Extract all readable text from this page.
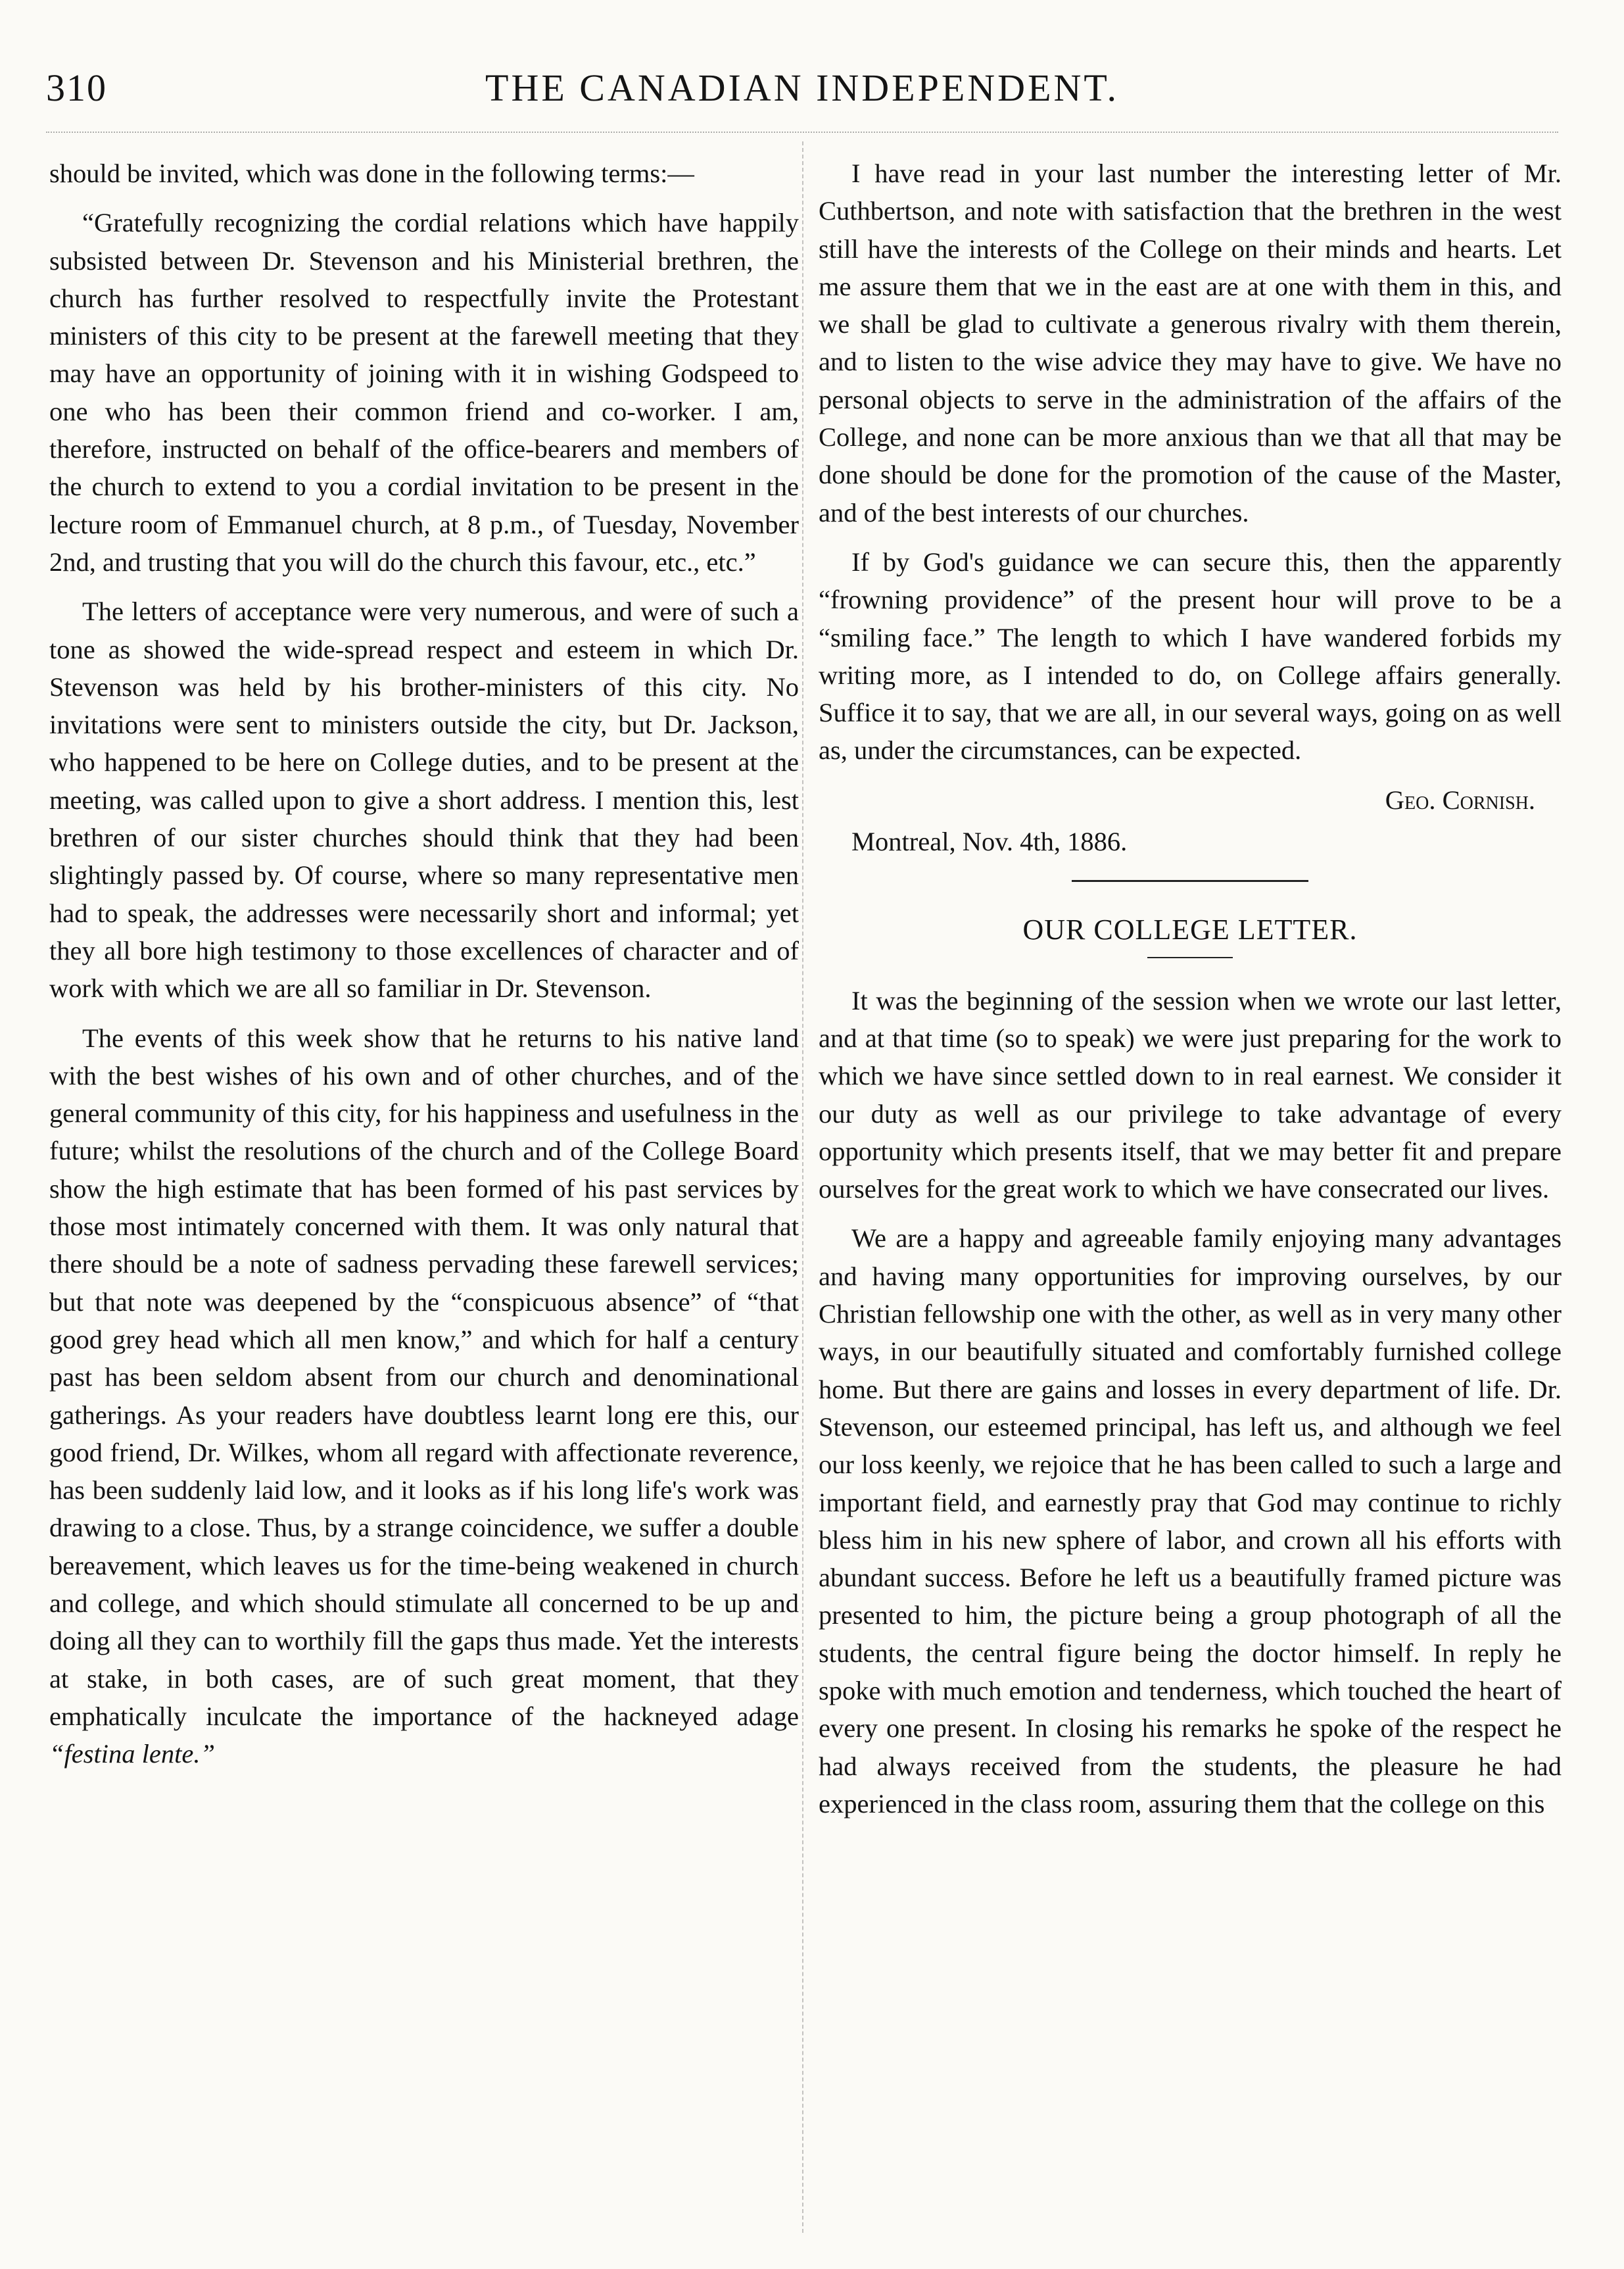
310	THE CANADIAN INDEPENDENT.

should be invited, which was done in the following terms:—

“Gratefully recognizing the cordial relations which have happily subsisted between Dr. Stevenson and his Ministerial brethren, the church has further resolved to respectfully invite the Protestant ministers of this city to be present at the farewell meeting that they may have an opportunity of joining with it in wishing Godspeed to one who has been their common friend and co-worker. I am, therefore, instructed on behalf of the office-bearers and members of the church to extend to you a cordial invitation to be present in the lecture room of Emmanuel church, at 8 p.m., of Tuesday, November 2nd, and trusting that you will do the church this favour, etc., etc.”

The letters of acceptance were very numerous, and were of such a tone as showed the wide-spread respect and esteem in which Dr. Stevenson was held by his brother-ministers of this city. No invitations were sent to ministers outside the city, but Dr. Jackson, who happened to be here on College duties, and to be present at the meeting, was called upon to give a short address. I mention this, lest brethren of our sister churches should think that they had been slightingly passed by. Of course, where so many representative men had to speak, the addresses were necessarily short and informal; yet they all bore high testimony to those excellences of character and of work with which we are all so familiar in Dr. Stevenson.

The events of this week show that he returns to his native land with the best wishes of his own and of other churches, and of the general community of this city, for his happiness and usefulness in the future; whilst the resolutions of the church and of the College Board show the high estimate that has been formed of his past services by those most intimately concerned with them. It was only natural that there should be a note of sadness pervading these farewell services; but that note was deepened by the “conspicuous absence” of “that good grey head which all men know,” and which for half a century past has been seldom absent from our church and denominational gatherings. As your readers have doubtless learnt long ere this, our good friend, Dr. Wilkes, whom all regard with affectionate reverence, has been suddenly laid low, and it looks as if his long life's work was drawing to a close. Thus, by a strange coincidence, we suffer a double bereavement, which leaves us for the time-being weakened in church and college, and which should stimulate all concerned to be up and doing all they can to worthily fill the gaps thus made. Yet the interests at stake, in both cases, are of such great moment, that they emphatically inculcate the importance of the hackneyed adage “festina lente.”

I have read in your last number the interesting letter of Mr. Cuthbertson, and note with satisfaction that the brethren in the west still have the interests of the College on their minds and hearts. Let me assure them that we in the east are at one with them in this, and we shall be glad to cultivate a generous rivalry with them therein, and to listen to the wise advice they may have to give. We have no personal objects to serve in the administration of the affairs of the College, and none can be more anxious than we that all that may be done should be done for the promotion of the cause of the Master, and of the best interests of our churches.

If by God's guidance we can secure this, then the apparently “frowning providence” of the present hour will prove to be a “smiling face.” The length to which I have wandered forbids my writing more, as I intended to do, on College affairs generally. Suffice it to say, that we are all, in our several ways, going on as well as, under the circumstances, can be expected.

Geo. Cornish.

Montreal, Nov. 4th, 1886.

OUR COLLEGE LETTER.

It was the beginning of the session when we wrote our last letter, and at that time (so to speak) we were just preparing for the work to which we have since settled down to in real earnest. We consider it our duty as well as our privilege to take advantage of every opportunity which presents itself, that we may better fit and prepare ourselves for the great work to which we have consecrated our lives.

We are a happy and agreeable family enjoying many advantages and having many opportunities for improving ourselves, by our Christian fellowship one with the other, as well as in very many other ways, in our beautifully situated and comfortably furnished college home. But there are gains and losses in every department of life. Dr. Stevenson, our esteemed principal, has left us, and although we feel our loss keenly, we rejoice that he has been called to such a large and important field, and earnestly pray that God may continue to richly bless him in his new sphere of labor, and crown all his efforts with abundant success. Before he left us a beautifully framed picture was presented to him, the picture being a group photograph of all the students, the central figure being the doctor himself. In reply he spoke with much emotion and tenderness, which touched the heart of every one present. In closing his remarks he spoke of the respect he had always received from the students, the pleasure he had experienced in the class room, assuring them that the college on this
